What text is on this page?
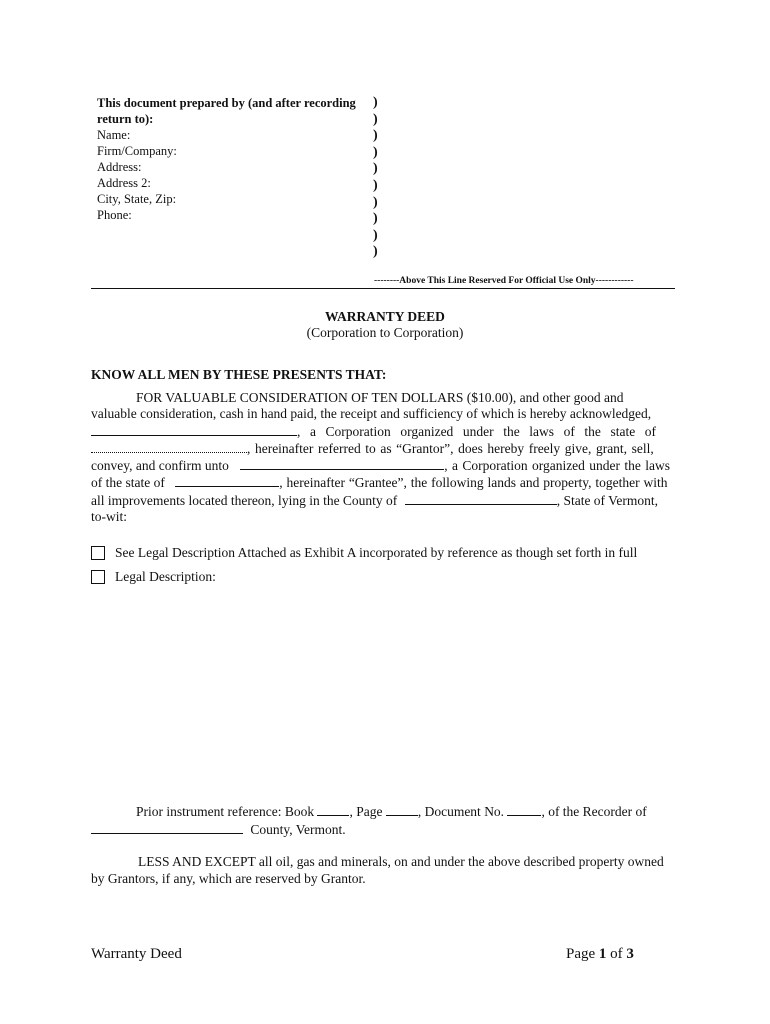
This document prepared by (and after recording
return to):
Name:
Firm/Company:
Address:
Address 2:
City, State, Zip:
Phone:
)
)
)
)
)
)
)
)
)
)
--------Above This Line Reserved For Official Use Only------------
WARRANTY DEED
(Corporation to Corporation)
KNOW ALL MEN BY THESE PRESENTS THAT:
FOR VALUABLE CONSIDERATION OF TEN DOLLARS ($10.00), and other good and
valuable consideration, cash in hand paid, the receipt and sufficiency of which is hereby acknowledged,
, a Corporation organized under the laws of the state of
, hereinafter referred to as “Grantor”, does hereby freely give, grant, sell,
convey, and confirm unto	, a Corporation organized under the laws
of the state of	, hereinafter “Grantee”, the following lands and property, together with
all improvements located thereon, lying in the County of	, State of Vermont,
to-wit:
See Legal Description Attached as Exhibit A incorporated by reference as though set forth in full
Legal Description:
Prior instrument reference: Book	, Page	, Document No.	, of the Recorder of
County, Vermont.
LESS AND EXCEPT all oil, gas and minerals, on and under the above described property owned
by Grantors, if any, which are reserved by Grantor.
Warranty Deed	Page 1 of 3
